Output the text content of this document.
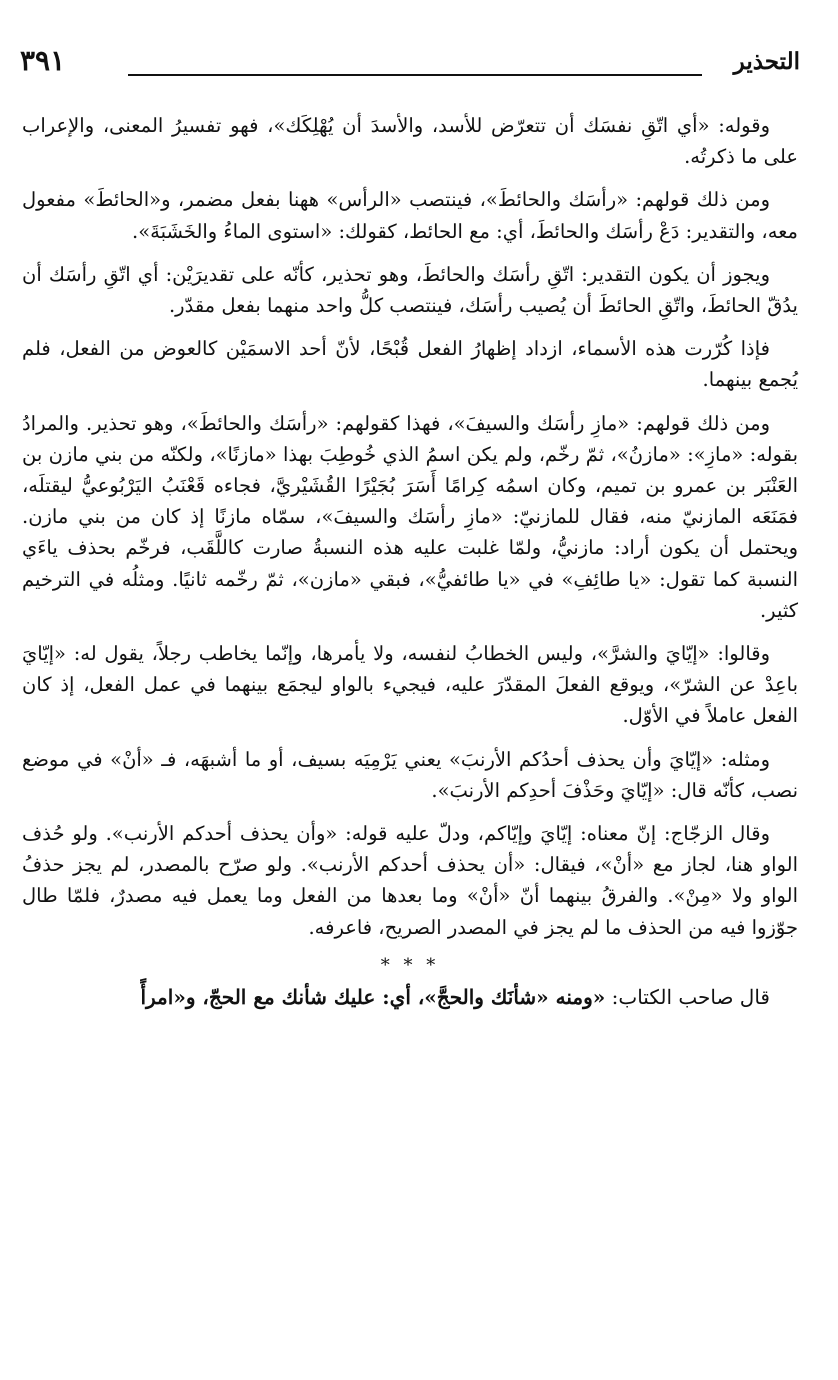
التحذير
٣٩١

وقوله: «أي اتّقِ نفسَك أن تتعرّض للأسد، والأسدَ أن يُهْلِكَك»، فهو تفسيرُ المعنى، والإعراب على ما ذكرتُه.

ومن ذلك قولهم: «رأسَك والحائطَ»، فينتصب «الرأس» ههنا بفعل مضمر، و«الحائطَ» مفعول معه، والتقدير: دَعْ رأسَك والحائطَ، أي: مع الحائط، كقولك: «استوى الماءُ والخَشَبَةَ».

ويجوز أن يكون التقدير: اتّقِ رأسَك والحائطَ، وهو تحذير، كأنّه على تقديرَيْن: أي اتّقِ رأسَك أن يدُقّ الحائطَ، واتّقِ الحائطَ أن يُصيب رأسَك، فينتصب كلُّ واحد منهما بفعل مقدّر.

فإذا كُرّرت هذه الأسماء، ازداد إظهارُ الفعل قُبْحًا، لأنّ أحد الاسمَيْن كالعوض من الفعل، فلم يُجمع بينهما.

ومن ذلك قولهم: «مازِ رأسَك والسيفَ»، فهذا كقولهم: «رأسَك والحائطَ»، وهو تحذير. والمرادُ بقوله: «مازِ»: «مازنُ»، ثمّ رخّم، ولم يكن اسمُ الذي خُوطِبَ بهذا «مازنًا»، ولكنّه من بني مازن بن العَنْبَر بن عمرو بن تميم، وكان اسمُه كِرامًا أَسَرَ بُجَيْرًا القُشَيْريَّ، فجاءه قَعْنَبُ اليَرْبُوعيُّ ليقتلَه، فمَنَعَه المازنيّ منه، فقال للمازنيّ: «مازِ رأسَك والسيفَ»، سمّاه مازنًا إذ كان من بني مازن. ويحتمل أن يكون أراد: مازنيُّ، ولمّا غلبت عليه هذه النسبةُ صارت كاللَّقَب، فرخّم بحذف ياءَي النسبة كما تقول: «يا طائِفِ» في «يا طائفيُّ»، فبقي «مازن»، ثمّ رخّمه ثانيًا. ومثلُه في الترخيم كثير.

وقالوا: «إيّايَ والشرَّ»، وليس الخطابُ لنفسه، ولا يأمرها، وإنّما يخاطب رجلاً، يقول له: «إيّايَ باعِدْ عن الشرّ»، ويوقع الفعلَ المقدّرَ عليه، فيجيء بالواو ليجمَع بينهما في عمل الفعل، إذ كان الفعل عاملاً في الأوّل.

ومثله: «إيّايَ وأن يحذف أحدُكم الأرنبَ» يعني يَرْمِيَه بسيف، أو ما أشبهَه، فـ «أنْ» في موضع نصب، كأنّه قال: «إيّايَ وحَذْفَ أحدِكم الأرنبَ».

وقال الزجّاج: إنّ معناه: إيّايَ وإيّاكم، ودلّ عليه قوله: «وأن يحذف أحدكم الأرنب». ولو حُذف الواو هنا، لجاز مع «أنْ»، فيقال: «أن يحذف أحدكم الأرنب». ولو صرّح بالمصدر، لم يجز حذفُ الواو ولا «مِنْ». والفرقُ بينهما أنّ «أنْ» وما بعدها من الفعل وما يعمل فيه مصدرٌ، فلمّا طال جوّزوا فيه من الحذف ما لم يجز في المصدر الصريح، فاعرفه.

* * *

قال صاحب الكتاب: «ومنه «شأنَك والحجَّ»، أي: عليك شأنك مع الحجّ، و«امرأً
